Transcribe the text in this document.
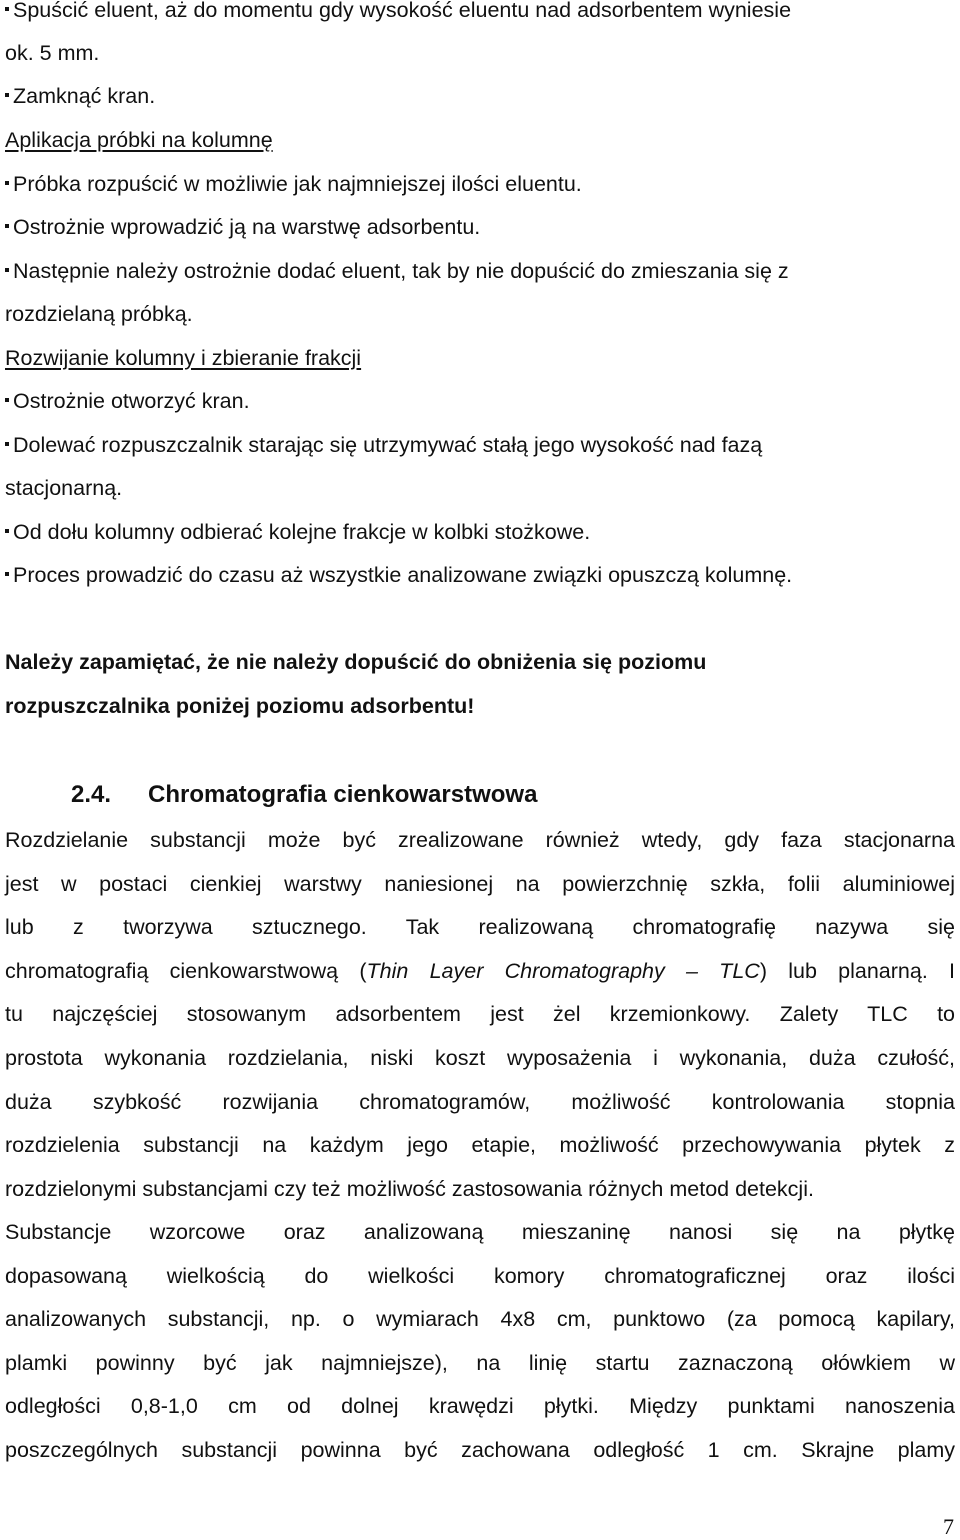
Spuścić eluent, aż do momentu gdy wysokość eluentu nad adsorbentem wyniesie
ok. 5 mm.
Zamknąć kran.
Aplikacja próbki na kolumnę
Próbka rozpuścić w możliwie jak najmniejszej ilości eluentu.
Ostrożnie wprowadzić ją na warstwę adsorbentu.
Następnie należy ostrożnie dodać eluent, tak by nie dopuścić do zmieszania się z
rozdzielaną próbką.
Rozwijanie kolumny i zbieranie frakcji
Ostrożnie otworzyć kran.
Dolewać rozpuszczalnik starając się utrzymywać stałą jego wysokość nad fazą
stacjonarną.
Od dołu kolumny odbierać kolejne frakcje w kolbki stożkowe.
Proces prowadzić do czasu aż wszystkie analizowane związki opuszczą kolumnę.
Należy zapamiętać, że nie należy dopuścić do obniżenia się poziomu
rozpuszczalnika poniżej poziomu adsorbentu!
2.4. Chromatografia cienkowarstwowa
Rozdzielanie substancji może być zrealizowane również wtedy, gdy faza stacjonarna
jest w postaci cienkiej warstwy naniesionej na powierzchnię szkła, folii aluminiowej
lub z tworzywa sztucznego. Tak realizowaną chromatografię nazywa się
chromatografią cienkowarstwową (Thin Layer Chromatography – TLC) lub planarną. I
tu najczęściej stosowanym adsorbentem jest żel krzemionkowy. Zalety TLC to
prostota wykonania rozdzielania, niski koszt wyposażenia i wykonania, duża czułość,
duża szybkość rozwijania chromatogramów, możliwość kontrolowania stopnia
rozdzielenia substancji na każdym jego etapie, możliwość przechowywania płytek z
rozdzielonymi substancjami czy też możliwość zastosowania różnych metod detekcji.
Substancje wzorcowe oraz analizowaną mieszaninę nanosi się na płytkę
dopasowaną wielkością do wielkości komory chromatograficznej oraz ilości
analizowanych substancji, np. o wymiarach 4x8 cm, punktowo (za pomocą kapilary,
plamki powinny być jak najmniejsze), na linię startu zaznaczoną ołówkiem w
odległości 0,8-1,0 cm od dolnej krawędzi płytki. Między punktami nanoszenia
poszczególnych substancji powinna być zachowana odległość 1 cm. Skrajne plamy
7
